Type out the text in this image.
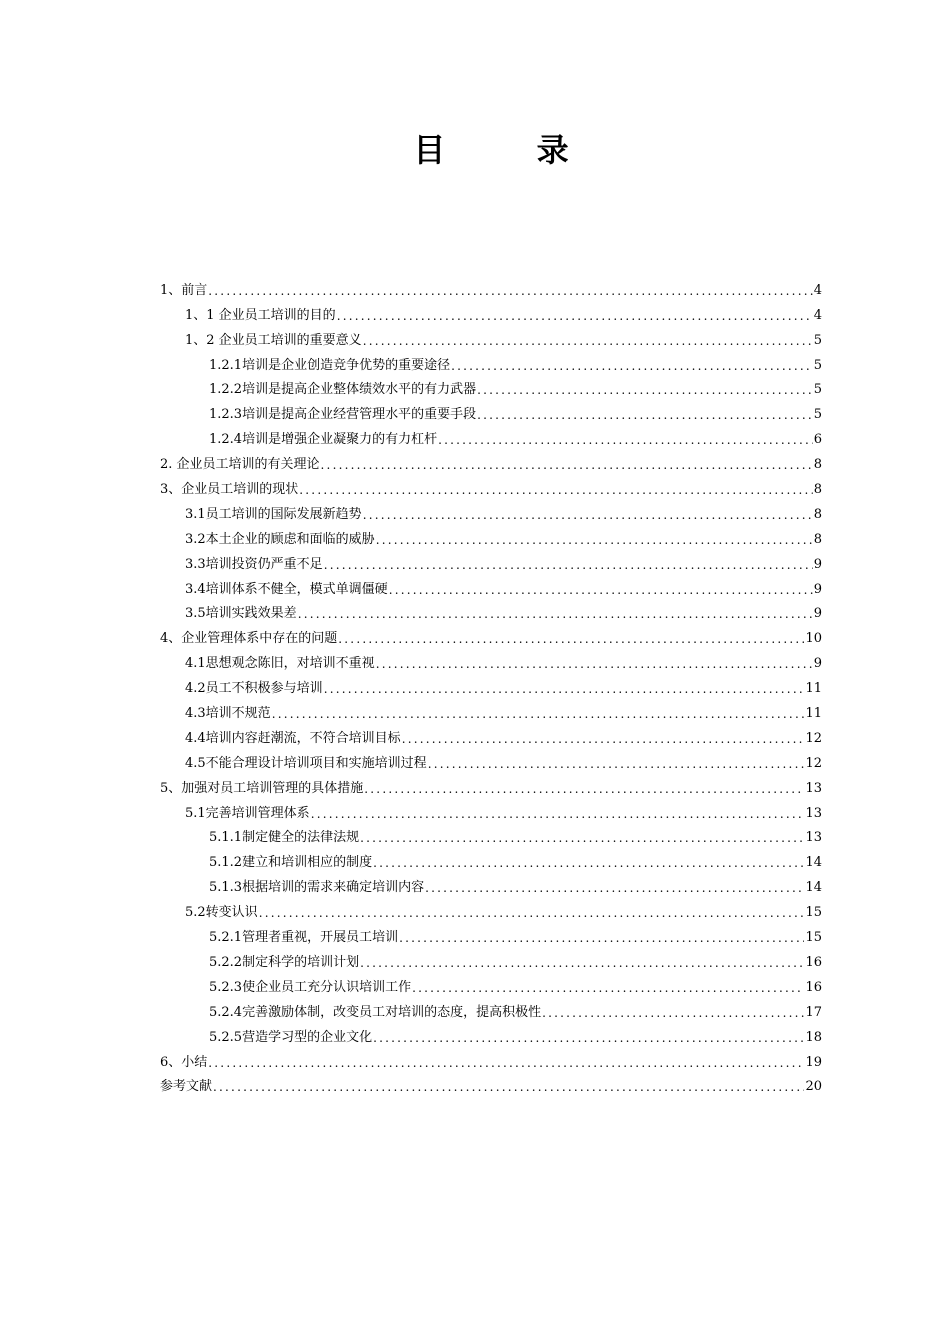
目 录
1、前言 .....	4
1、1 企业员工培训的目的 .....	4
1、2 企业员工培训的重要意义 .....	5
1.2.1培训是企业创造竞争优势的重要途径 .....	5
1.2.2培训是提高企业整体绩效水平的有力武器 .....	5
1.2.3培训是提高企业经营管理水平的重要手段 .....	5
1.2.4培训是增强企业凝聚力的有力杠杆 .....	6
2. 企业员工培训的有关理论 .....	8
3、企业员工培训的现状 .....	8
3.1员工培训的国际发展新趋势 .....	8
3.2本土企业的顾虑和面临的威胁 .....	8
3.3培训投资仍严重不足 .....	9
3.4培训体系不健全，模式单调僵硬 .....	9
3.5培训实践效果差 .....	9
4、企业管理体系中存在的问题 .....	10
4.1思想观念陈旧，对培训不重视 .....	9
4.2员工不积极参与培训 .....	11
4.3培训不规范 .....	11
4.4培训内容赶潮流，不符合培训目标 .....	12
4.5不能合理设计培训项目和实施培训过程 .....	12
5、加强对员工培训管理的具体措施 .....	13
5.1完善培训管理体系 .....	13
5.1.1制定健全的法律法规 .....	13
5.1.2建立和培训相应的制度 .....	14
5.1.3根据培训的需求来确定培训内容 .....	14
5.2转变认识 .....	15
5.2.1管理者重视，开展员工培训 .....	15
5.2.2制定科学的培训计划 .....	16
5.2.3使企业员工充分认识培训工作 .....	16
5.2.4完善激励体制，改变员工对培训的态度，提高积极性 .....	17
5.2.5营造学习型的企业文化 .....	18
6、小结 .....	19
参考文献 .....	20
